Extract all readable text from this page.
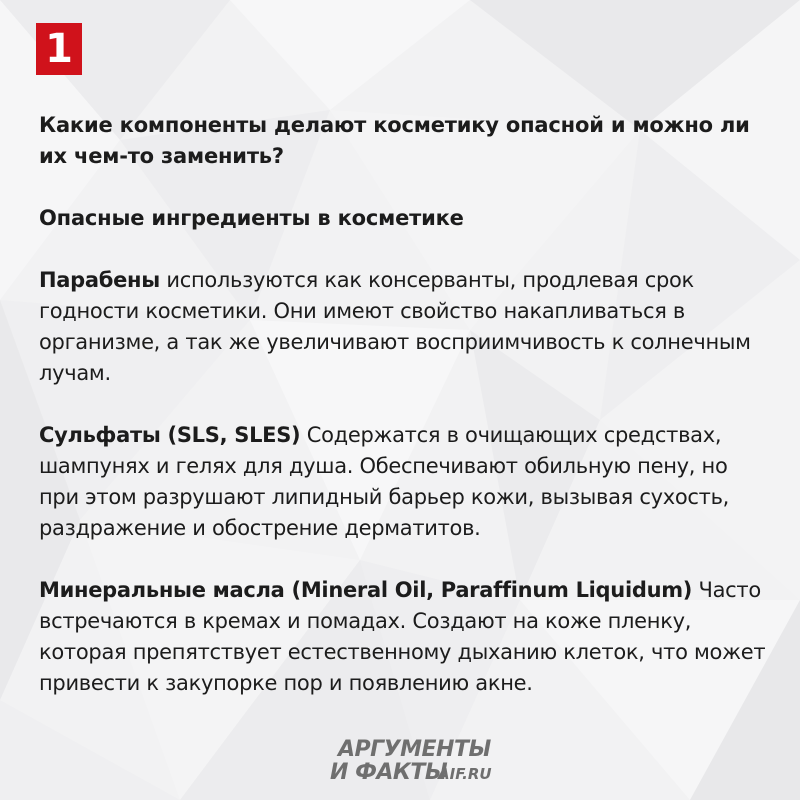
1

Какие компоненты делают косметику опасной и можно ли их чем-то заменить?

Опасные ингредиенты в косметике

Парабены используются как консерванты, продлевая срок годности косметики. Они имеют свойство накапливаться в организме, а так же увеличивают восприимчивость к солнечным лучам.

Сульфаты (SLS, SLES) Содержатся в очищающих средствах, шампунях и гелях для душа. Обеспечивают обильную пену, но при этом разрушают липидный барьер кожи, вызывая сухость, раздражение и обострение дерматитов.

Минеральные масла (Mineral Oil, Paraffinum Liquidum) Часто встречаются в кремах и помадах. Создают на коже пленку, которая препятствует естественному дыханию клеток, что может привести к закупорке пор и появлению акне.

АРГУМЕНТЫ
И ФАКТЫ
AIF.RU
